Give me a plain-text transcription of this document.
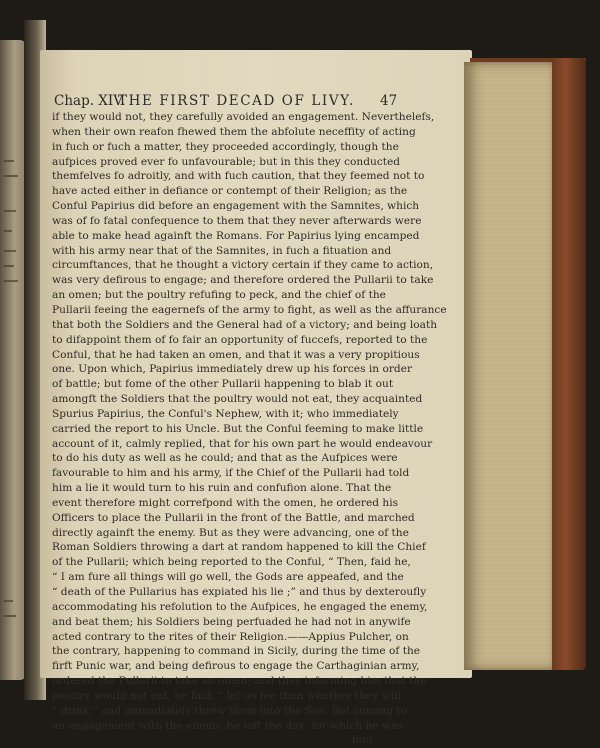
Chap. XIV.
THE FIRST DECAD OF LIVY. 47
if they would not, they carefully avoided an engagement. Neverthelefs,
when their own reafon fhewed them the abfolute neceffity of acting
in fuch or fuch a matter, they proceeded accordingly, though the
aufpices proved ever fo unfavourable; but in this they conducted
themfelves fo adroitly, and with fuch caution, that they feemed not to
have acted either in defiance or contempt of their Religion; as the
Conful Papirius did before an engagement with the Samnites, which
was of fo fatal confequence to them that they never afterwards were
able to make head againft the Romans. For Papirius lying encamped
with his army near that of the Samnites, in fuch a fituation and
circumftances, that he thought a victory certain if they came to action,
was very defirous to engage; and therefore ordered the Pullarii to take
an omen; but the poultry refufing to peck, and the chief of the
Pullarii feeing the eagernefs of the army to fight, as well as the affurance
that both the Soldiers and the General had of a victory; and being loath
to difappoint them of fo fair an opportunity of fuccefs, reported to the
Conful, that he had taken an omen, and that it was a very propitious
one. Upon which, Papirius immediately drew up his forces in order
of battle; but fome of the other Pullarii happening to blab it out
amongft the Soldiers that the poultry would not eat, they acquainted
Spurius Papirius, the Conful's Nephew, with it; who immediately
carried the report to his Uncle. But the Conful feeming to make little
account of it, calmly replied, that for his own part he would endeavour
to do his duty as well as he could; and that as the Aufpices were
favourable to him and his army, if the Chief of the Pullarii had told
him a lie it would turn to his ruin and confufion alone. That the
event therefore might correfpond with the omen, he ordered his
Officers to place the Pullarii in the front of the Battle, and marched
directly againft the enemy. But as they were advancing, one of the
Roman Soldiers throwing a dart at random happened to kill the Chief
of the Pullarii; which being reported to the Conful, “ Then, faid he,
“ I am fure all things will go well, the Gods are appeafed, and the
“ death of the Pullarius has expiated his lie ;” and thus by dexteroufly
accommodating his refolution to the Aufpices, he engaged the enemy,
and beat them; his Soldiers being perfuaded he had not in anywife
acted contrary to the rites of their Religion.——Appius Pulcher, on
the contrary, happening to command in Sicily, during the time of the
firft Punic war, and being defirous to engage the Carthaginian army,
ordered the Pullarii to take an omen; and they informing him that the
poultry would not eat, he faid, “ let us fee then whether they will
“ drink,” and immediately threw them into the Sea. But coming to
an engagement with the enemy, he loft the day; for which he was
fent
